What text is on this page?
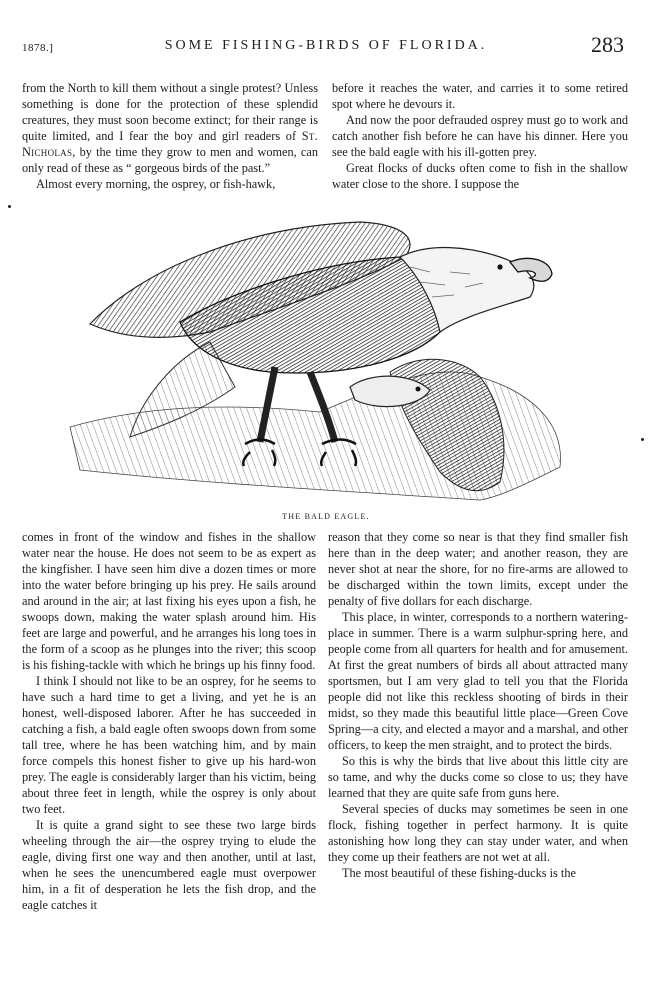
1878.]	SOME FISHING-BIRDS OF FLORIDA.	283

from the North to kill them without a single protest? Unless something is done for the protection of these splendid creatures, they must soon become extinct; for their range is quite limited, and I fear the boy and girl readers of St. Nicholas, by the time they grow to men and women, can only read of these as “ gorgeous birds of the past.”

Almost every morning, the osprey, or fish-hawk,

before it reaches the water, and carries it to some retired spot where he devours it.

And now the poor defrauded osprey must go to work and catch another fish before he can have his dinner. Here you see the bald eagle with his ill-gotten prey.

Great flocks of ducks often come to fish in the shallow water close to the shore. I suppose the

THE BALD EAGLE.

comes in front of the window and fishes in the shallow water near the house. He does not seem to be as expert as the kingfisher. I have seen him dive a dozen times or more into the water before bringing up his prey. He sails around and around in the air; at last fixing his eyes upon a fish, he swoops down, making the water splash around him. His feet are large and powerful, and he arranges his long toes in the form of a scoop as he plunges into the river; this scoop is his fishing-tackle with which he brings up his finny food.

I think I should not like to be an osprey, for he seems to have such a hard time to get a living, and yet he is an honest, well-disposed laborer. After he has succeeded in catching a fish, a bald eagle often swoops down from some tall tree, where he has been watching him, and by main force compels this honest fisher to give up his hard-won prey. The eagle is considerably larger than his victim, being about three feet in length, while the osprey is only about two feet.

It is quite a grand sight to see these two large birds wheeling through the air—the osprey trying to elude the eagle, diving first one way and then another, until at last, when he sees the unencumbered eagle must overpower him, in a fit of desperation he lets the fish drop, and the eagle catches it

reason that they come so near is that they find smaller fish here than in the deep water; and another reason, they are never shot at near the shore, for no fire-arms are allowed to be discharged within the town limits, except under the penalty of five dollars for each discharge.

This place, in winter, corresponds to a northern watering-place in summer. There is a warm sulphur-spring here, and people come from all quarters for health and for amusement. At first the great numbers of birds all about attracted many sportsmen, but I am very glad to tell you that the Florida people did not like this reckless shooting of birds in their midst, so they made this beautiful little place—Green Cove Spring—a city, and elected a mayor and a marshal, and other officers, to keep the men straight, and to protect the birds.

So this is why the birds that live about this little city are so tame, and why the ducks come so close to us; they have learned that they are quite safe from guns here.

Several species of ducks may sometimes be seen in one flock, fishing together in perfect harmony. It is quite astonishing how long they can stay under water, and when they come up their feathers are not wet at all.

The most beautiful of these fishing-ducks is the
